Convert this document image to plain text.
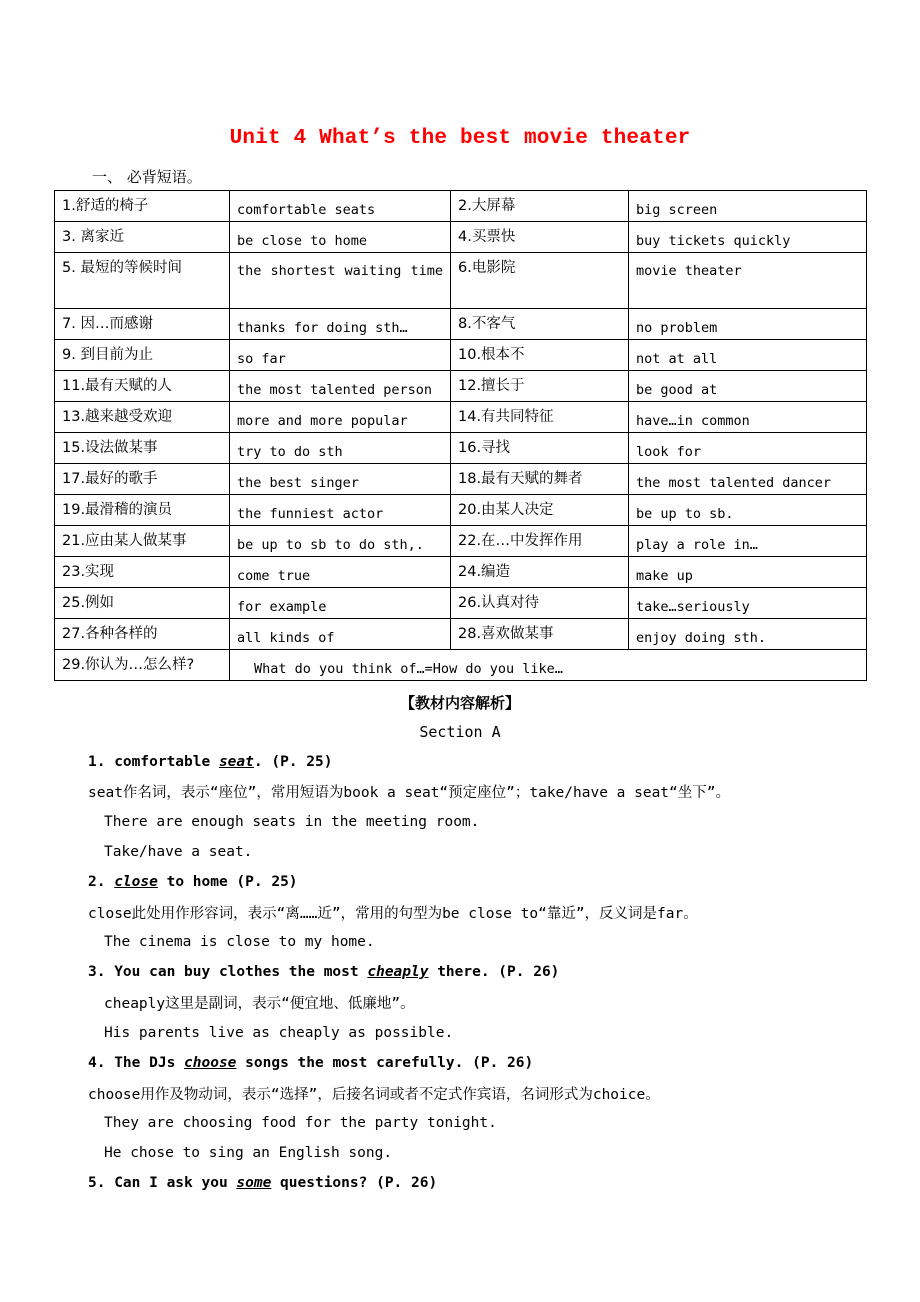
Unit 4 What’s the best movie theater
一、 必背短语。
1.舒适的椅子	comfortable seats	2.大屏幕	big screen
3. 离家近	be close to home	4.买票快	buy tickets quickly
5. 最短的等候时间	the shortest waiting time	6.电影院	movie theater
7. 因…而感谢	thanks for doing sth…	8.不客气	no problem
9. 到目前为止	so far	10.根本不	not at all
11.最有天赋的人	the most talented person	12.擅长于	be good at
13.越来越受欢迎	more and more popular	14.有共同特征	have…in common
15.设法做某事	try to do sth	16.寻找	look for
17.最好的歌手	the best singer	18.最有天赋的舞者	the most talented dancer
19.最滑稽的演员	the funniest actor	20.由某人决定	be up to sb.
21.应由某人做某事	be up to sb to do sth,.	22.在…中发挥作用	play a role in…
23.实现	come true	24.编造	make up
25.例如	for example	26.认真对待	take…seriously
27.各种各样的	all kinds of	28.喜欢做某事	enjoy doing sth.
29.你认为…怎么样?	What do you think of…=How do you like…		
【教材内容解析】
Section A
1. comfortable seat. (P. 25)
seat作名词，表示“座位”，常用短语为book a seat“预定座位”；take/have a seat“坐下”。
There are enough seats in the meeting room.
Take/have a seat.
2. close to home (P. 25)
close此处用作形容词，表示“离……近”，常用的句型为be close to“靠近”，反义词是far。
The cinema is close to my home.
3. You can buy clothes the most cheaply there. (P. 26)
cheaply这里是副词，表示“便宜地、低廉地”。
His parents live as cheaply as possible.
4. The DJs choose songs the most carefully. (P. 26)
choose用作及物动词，表示“选择”，后接名词或者不定式作宾语，名词形式为choice。
They are choosing food for the party tonight.
He chose to sing an English song.
5. Can I ask you some questions? (P. 26)
